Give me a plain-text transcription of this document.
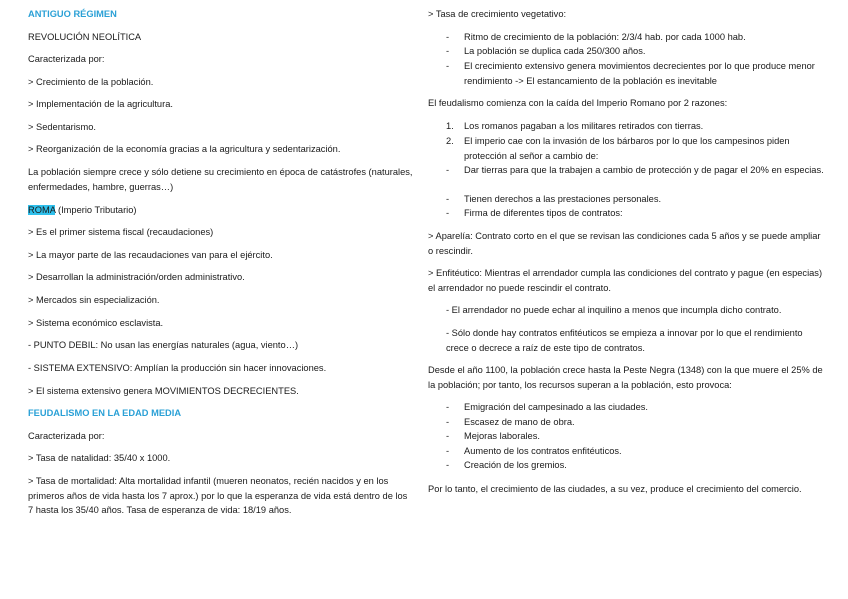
ANTIGUO RÉGIMEN
REVOLUCIÓN NEOLÍTICA
Caracterizada por:
> Crecimiento de la población.
> Implementación de la agricultura.
> Sedentarismo.
> Reorganización de la economía gracias a la agricultura y sedentarización.
La población siempre crece y sólo detiene su crecimiento en época de catástrofes (naturales, enfermedades, hambre, guerras…)
ROMA (Imperio Tributario)
> Es el primer sistema fiscal (recaudaciones)
> La mayor parte de las recaudaciones van para el ejército.
> Desarrollan la administración/orden administrativo.
> Mercados sin especialización.
> Sistema económico esclavista.
- PUNTO DEBIL: No usan las energías naturales (agua, viento…)
- SISTEMA EXTENSIVO: Amplían la producción sin hacer innovaciones.
> El sistema extensivo genera MOVIMIENTOS DECRECIENTES.
FEUDALISMO EN LA EDAD MEDIA
Caracterizada por:
> Tasa de natalidad: 35/40 x 1000.
> Tasa de mortalidad: Alta mortalidad infantil (mueren neonatos, recién nacidos y en los primeros años de vida hasta los 7 aprox.) por lo que la esperanza de vida está dentro de los 7 hasta los 35/40 años. Tasa de esperanza de vida: 18/19 años.
> Tasa de crecimiento vegetativo:
- Ritmo de crecimiento de la población: 2/3/4 hab. por cada 1000 hab.
- La población se duplica cada 250/300 años.
- El crecimiento extensivo genera movimientos decrecientes por lo que produce menor rendimiento -> El estancamiento de la población es inevitable
El feudalismo comienza con la caída del Imperio Romano por 2 razones:
1. Los romanos pagaban a los militares retirados con tierras.
2. El imperio cae con la invasión de los bárbaros por lo que los campesinos piden protección al señor a cambio de:
- Dar tierras para que la trabajen a cambio de protección y de pagar el 20% en especias.
- Tienen derechos a las prestaciones personales.
- Firma de diferentes tipos de contratos:
> Aparelía: Contrato corto en el que se revisan las condiciones cada 5 años y se puede ampliar o rescindir.
> Enfitéutico: Mientras el arrendador cumpla las condiciones del contrato y pague (en especias) el arrendador no puede rescindir el contrato.
- El arrendador no puede echar al inquilino a menos que incumpla dicho contrato.
- Sólo donde hay contratos enfitéuticos se empieza a innovar por lo que el rendimiento crece o decrece a raíz de este tipo de contratos.
Desde el año 1100, la población crece hasta la Peste Negra (1348) con la que muere el 25% de la población; por tanto, los recursos superan a la población, esto provoca:
- Emigración del campesinado a las ciudades.
- Escasez de mano de obra.
- Mejoras laborales.
- Aumento de los contratos enfitéuticos.
- Creación de los gremios.
Por lo tanto, el crecimiento de las ciudades, a su vez, produce el crecimiento del comercio.
